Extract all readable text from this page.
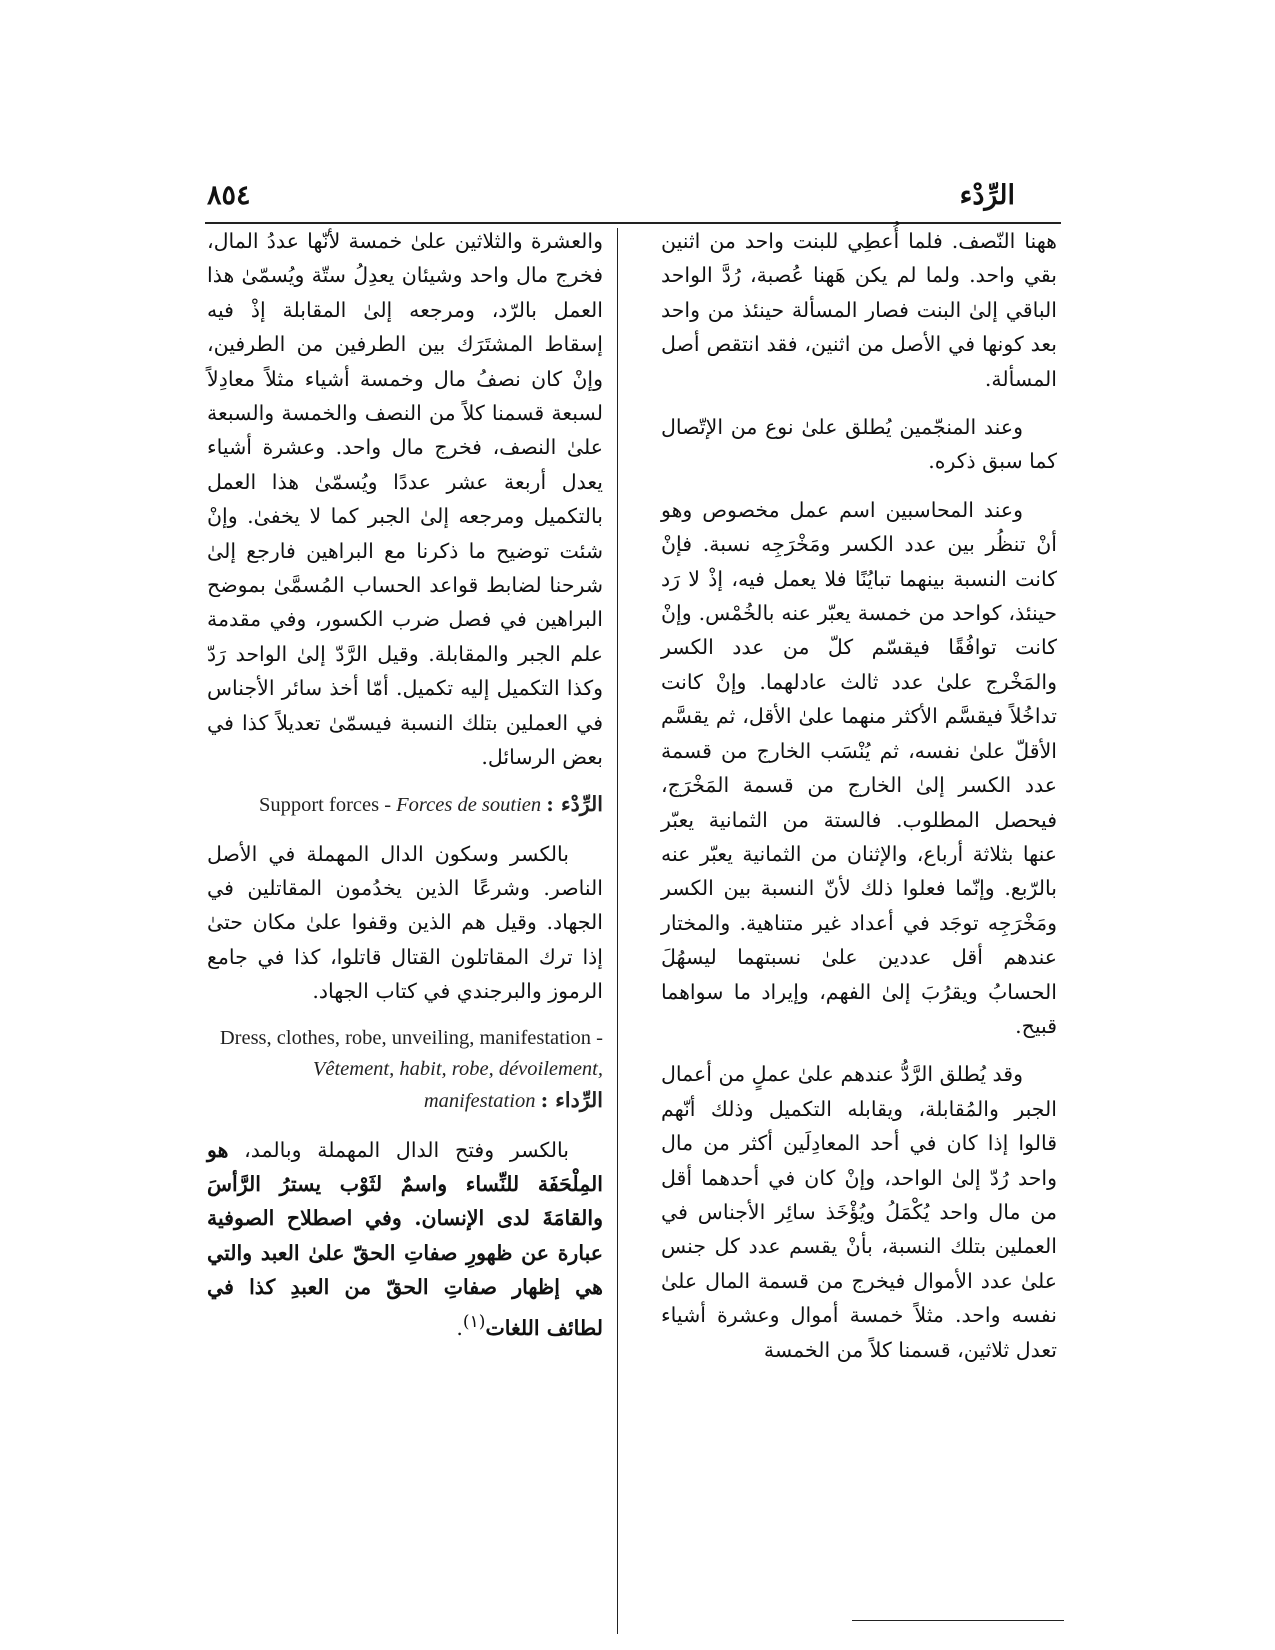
الرِّدْء
٨٥٤

ههنا النّصف. فلما أُعطِي للبنت واحد من اثنين بقي واحد. ولما لم يكن هَهنا عُصبة، رُدَّ الواحد الباقي إلىٰ البنت فصار المسألة حينئذ من واحد بعد كونها في الأصل من اثنين، فقد انتقص أصل المسألة.

وعند المنجّمين يُطلق علىٰ نوع من الإتّصال كما سبق ذكره.

وعند المحاسبين اسم عمل مخصوص وهو أنْ تنظُر بين عدد الكسر ومَخْرَجِه نسبة. فإنْ كانت النسبة بينهما تبايُنًا فلا يعمل فيه، إذْ لا رَد حينئذ، كواحد من خمسة يعبّر عنه بالخُمْس. وإنْ كانت توافُقًا فيقسّم كلّ من عدد الكسر والمَخْرج علىٰ عدد ثالث عادلهما. وإنْ كانت تداخُلاً فيقسَّم الأكثر منهما علىٰ الأقل، ثم يقسَّم الأقلّ علىٰ نفسه، ثم يُنْسَب الخارج من قسمة عدد الكسر إلىٰ الخارج من قسمة المَخْرَج، فيحصل المطلوب. فالستة من الثمانية يعبّر عنها بثلاثة أرباع، والإثنان من الثمانية يعبّر عنه بالرّبع. وإنّما فعلوا ذلك لأنّ النسبة بين الكسر ومَخْرَجِه توجَد في أعداد غير متناهية. والمختار عندهم أقل عددين علىٰ نسبتهما ليسهُلَ الحسابُ ويقرُبَ إلىٰ الفهم، وإيراد ما سواهما قبيح.

وقد يُطلق الرَّدُّ عندهم علىٰ عملٍ من أعمال الجبر والمُقابلة، ويقابله التكميل وذلك أنّهم قالوا إذا كان في أحد المعادِلَين أكثر من مال واحد رُدّ إلىٰ الواحد، وإنْ كان في أحدهما أقل من مال واحد يُكْمَلُ ويُؤْخَذ سائِر الأجناس في العملين بتلك النسبة، بأنْ يقسم عدد كل جنس علىٰ عدد الأموال فيخرج من قسمة المال علىٰ نفسه واحد. مثلاً خمسة أموال وعشرة أشياء تعدل ثلاثين، قسمنا كلاً من الخمسة

والعشرة والثلاثين علىٰ خمسة لأنّها عددُ المال، فخرج مال واحد وشيئان يعدِلُ ستّة ويُسمّىٰ هذا العمل بالرّد، ومرجعه إلىٰ المقابلة إذْ فيه إسقاط المشتَرَك بين الطرفين من الطرفين، وإنْ كان نصفُ مال وخمسة أشياء مثلاً معادِلاً لسبعة قسمنا كلاً من النصف والخمسة والسبعة علىٰ النصف، فخرج مال واحد. وعشرة أشياء يعدل أربعة عشر عددًا ويُسمّىٰ هذا العمل بالتكميل ومرجعه إلىٰ الجبر كما لا يخفىٰ. وإنْ شئت توضيح ما ذكرنا مع البراهين فارجع إلىٰ شرحنا لضابط قواعد الحساب المُسمَّىٰ بموضح البراهين في فصل ضرب الكسور، وفي مقدمة علم الجبر والمقابلة. وقيل الرَّدّ إلىٰ الواحد رَدّ وكذا التكميل إليه تكميل. أمّا أخذ سائر الأجناس في العملين بتلك النسبة فيسمّىٰ تعديلاً كذا في بعض الرسائل.

Support forces - Forces de soutien الرِّدْء :

بالكسر وسكون الدال المهملة في الأصل الناصر. وشرعًا الذين يخدُمون المقاتلين في الجهاد. وقيل هم الذين وقفوا علىٰ مكان حتىٰ إذا ترك المقاتلون القتال قاتلوا، كذا في جامع الرموز والبرجندي في كتاب الجهاد.

Dress, clothes, robe, unveiling, manifestation - Vêtement, habit, robe, dévoilement, manifestation الرِّداء :

بالكسر وفتح الدال المهملة وبالمد، هو المِلْحَفَة للنِّساء واسمٌ لثَوْب يسترُ الرَّأسَ والقامَةَ لدى الإنسان. وفي اصطلاح الصوفية عبارة عن ظهورِ صفاتِ الحقّ علىٰ العبد والتي هي إظهار صفاتِ الحقّ من العبدِ كذا في لطائف اللغات$^{(١)}$.
